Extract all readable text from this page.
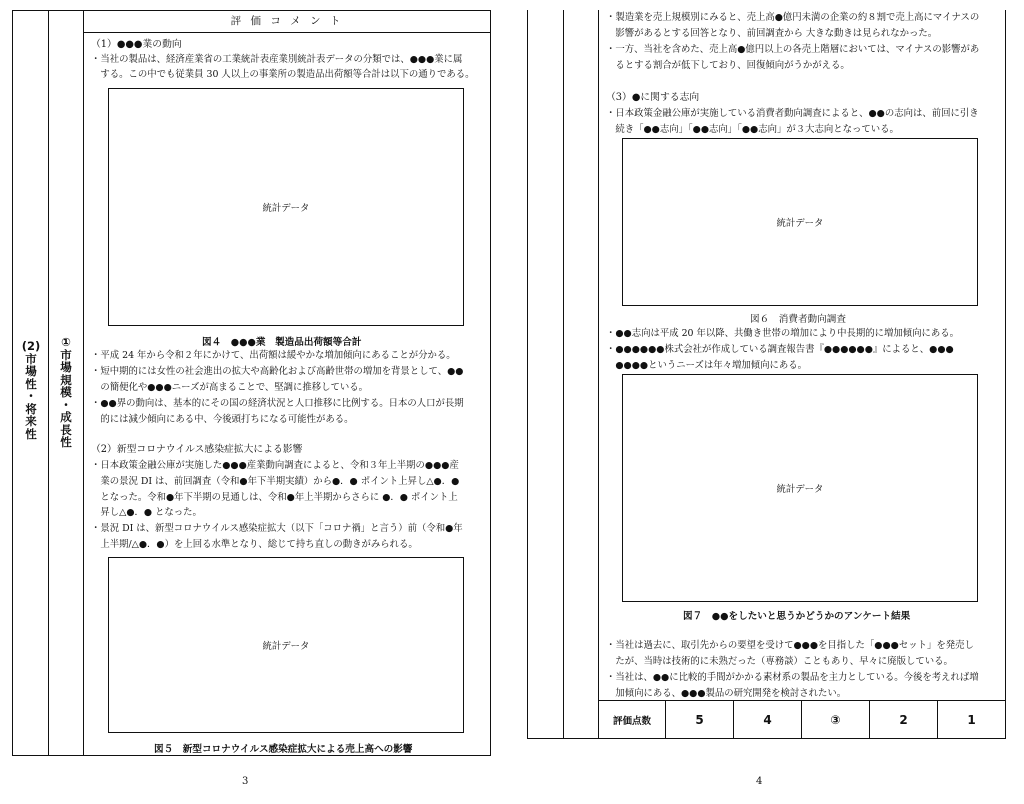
(2)
市
場
性
・
将
来
性
①
市
場
規
模
・
成
長
性
評 価 コ メ ン ト
（1）●●●業の動向
・当社の製品は、経済産業省の工業統計表産業別統計表データの分類では、●●●業に属
　する。この中でも従業員 30 人以上の事業所の製造品出荷額等合計は以下の通りである。
統計データ
図４　●●●業　製造品出荷額等合計
・平成 24 年から令和２年にかけて、出荷額は緩やかな増加傾向にあることが分かる。
・短中期的には女性の社会進出の拡大や高齢化および高齢世帯の増加を背景として、●●
　の簡便化や●●●ニーズが高まることで、堅調に推移している。
・●●界の動向は、基本的にその国の経済状況と人口推移に比例する。日本の人口が長期
　的には減少傾向にある中、今後頭打ちになる可能性がある。
（2）新型コロナウイルス感染症拡大による影響
・日本政策金融公庫が実施した●●●産業動向調査によると、令和３年上半期の●●●産
　業の景況 DI は、前回調査（令和●年下半期実績）から●．● ポイント上昇し△●．●
　となった。令和●年下半期の見通しは、令和●年上半期からさらに ●．● ポイント上
　昇し△●．● となった。
・景況 DI は、新型コロナウイルス感染症拡大（以下「コロナ禍」と言う）前（令和●年
　上半期/△●．●）を上回る水準となり、総じて持ち直しの動きがみられる。
統計データ
図５　新型コロナウイルス感染症拡大による売上高への影響
3
・製造業を売上規模別にみると、売上高●億円未満の企業の約８割で売上高にマイナスの
　影響があるとする回答となり、前回調査から 大きな動きは見られなかった。
・一方、当社を含めた、売上高●億円以上の各売上階層においては、マイナスの影響があ
　るとする割合が低下しており、回復傾向がうかがえる。
（3）●に関する志向
・日本政策金融公庫が実施している消費者動向調査によると、●●の志向は、前回に引き
　続き「●●志向」「●●志向」「●●志向」が３大志向となっている。
統計データ
図６　消費者動向調査
・●●志向は平成 20 年以降、共働き世帯の増加により中長期的に増加傾向にある。
・●●●●●●株式会社が作成している調査報告書『●●●●●●』によると、●●●
　●●●●というニーズは年々増加傾向にある。
統計データ
図７　●●をしたいと思うかどうかのアンケート結果
・当社は過去に、取引先からの要望を受けて●●●を目指した「●●●セット」を発売し
　たが、当時は技術的に未熟だった（専務談）こともあり、早々に廃版している。
・当社は、●●に比較的手間がかかる素材系の製品を主力としている。今後を考えれば増
　加傾向にある、●●●製品の研究開発を検討されたい。
評価点数	5	4	③	2	1
4
